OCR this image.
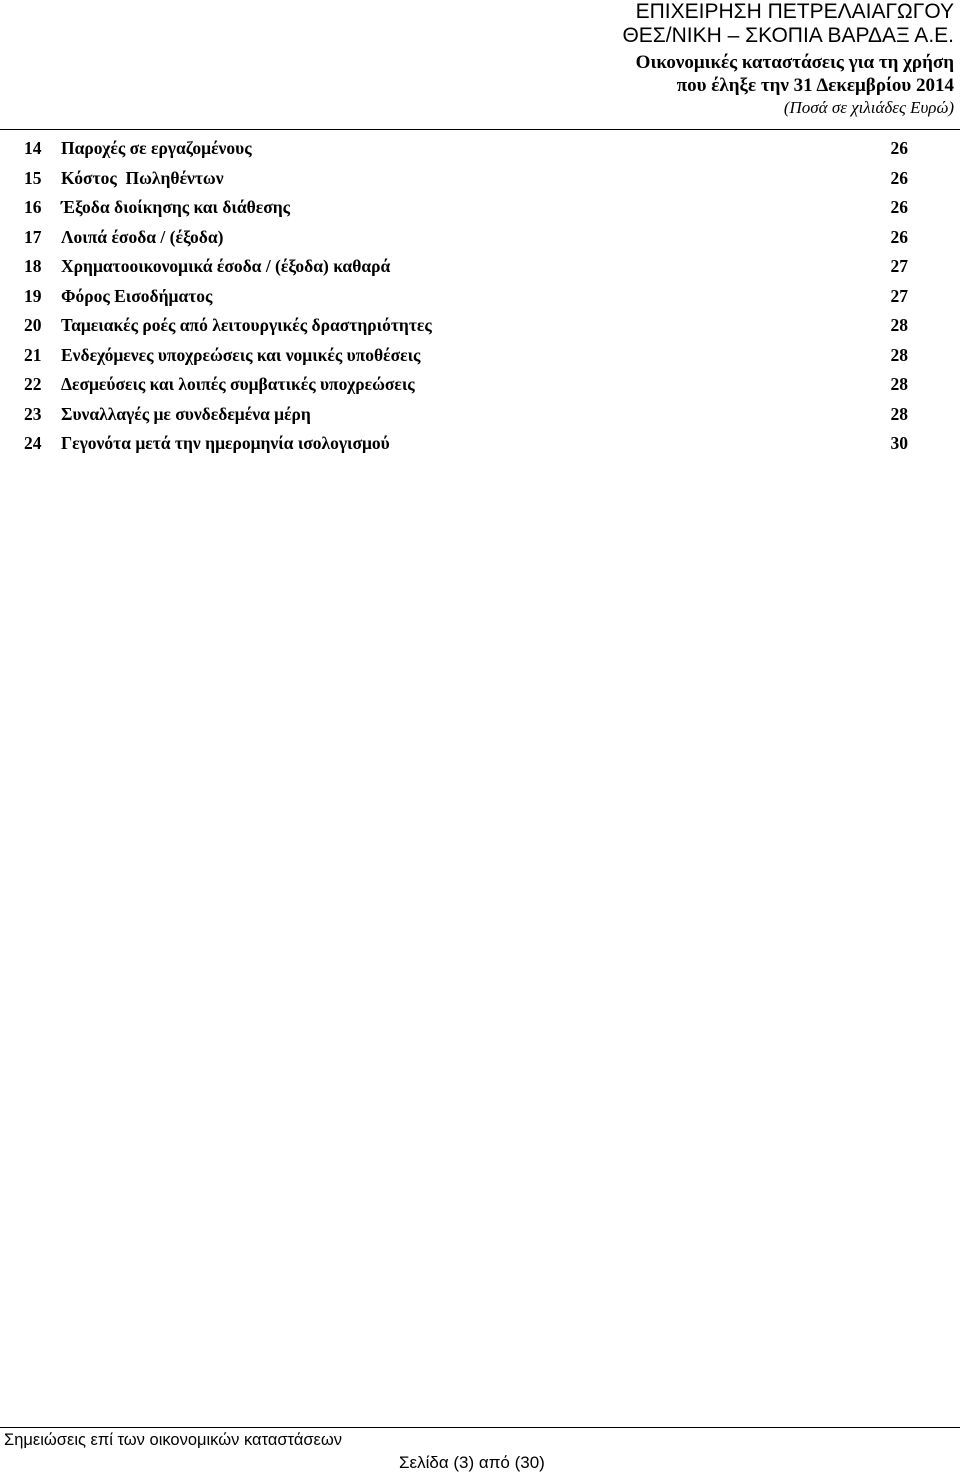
ΕΠΙΧΕΙΡΗΣΗ ΠΕΤΡΕΛΑΙΑΓΩΓΟΥ
ΘΕΣ/ΝΙΚΗ – ΣΚΟΠΙΑ ΒΑΡΔΑΞ Α.Ε.
Οικονομικές καταστάσεις για τη χρήση
που έληξε την 31 Δεκεμβρίου 2014
(Ποσά σε χιλιάδες Ευρώ)
14 Παροχές σε εργαζομένους	26
15 Κόστος  Πωληθέντων	26
16 Έξοδα διοίκησης και διάθεσης	26
17 Λοιπά έσοδα / (έξοδα)	26
18 Χρηματοοικονομικά έσοδα / (έξοδα) καθαρά	27
19 Φόρος Εισοδήματος	27
20 Ταμειακές ροές από λειτουργικές δραστηριότητες	28
21 Ενδεχόμενες υποχρεώσεις και νομικές υποθέσεις	28
22 Δεσμεύσεις και λοιπές συμβατικές υποχρεώσεις	28
23 Συναλλαγές με συνδεδεμένα μέρη	28
24 Γεγονότα μετά την ημερομηνία ισολογισμού	30
Σημειώσεις επί των οικονομικών καταστάσεων
Σελίδα (3) από (30)
